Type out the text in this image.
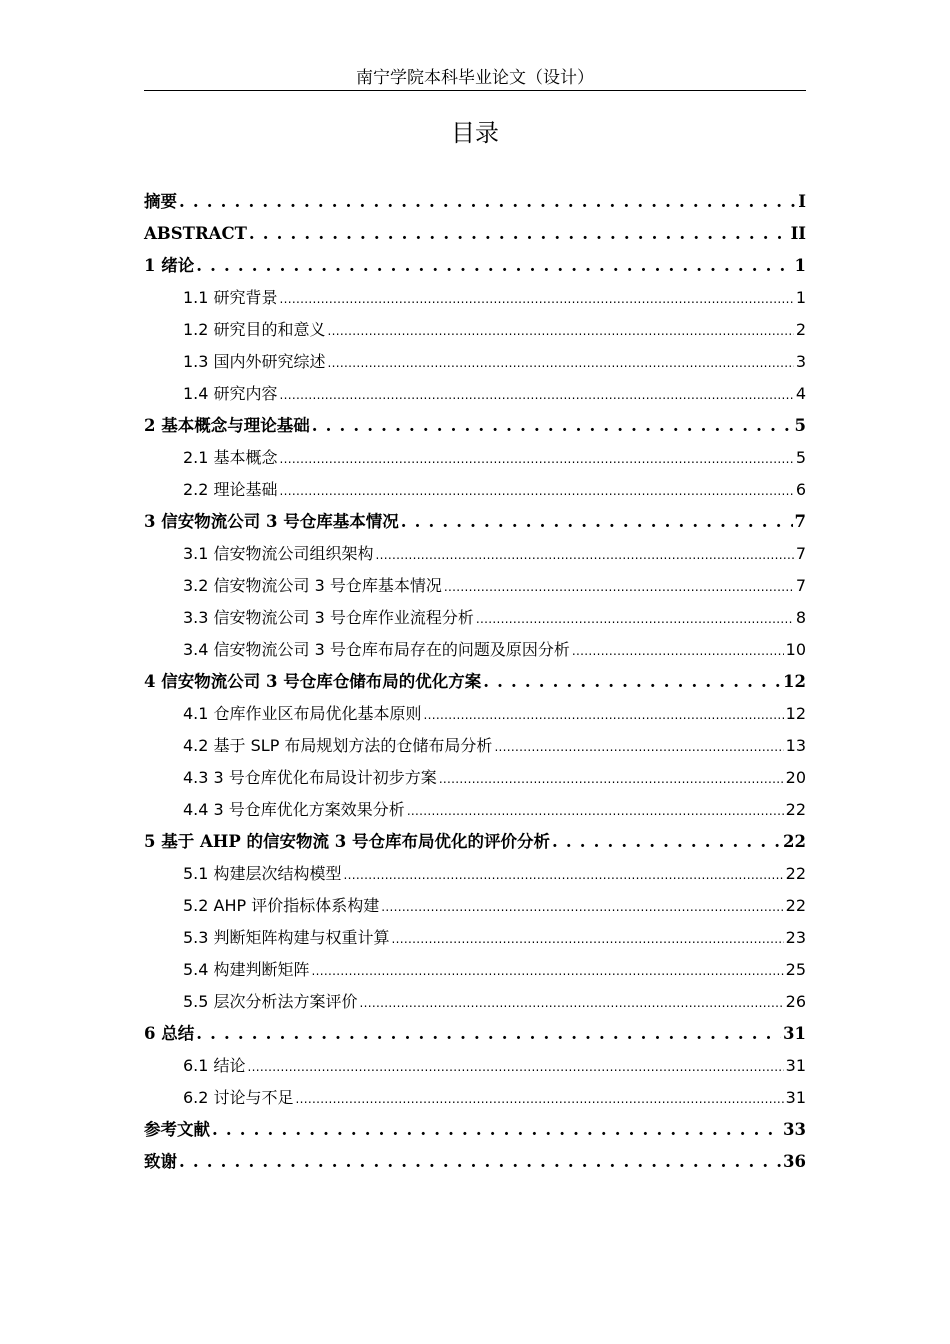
南宁学院本科毕业论文（设计）
目录
摘要 . . .	I
ABSTRACT . . .	II
1 绪论 . . .	1
1.1 研究背景 .....	1
1.2 研究目的和意义 .....	2
1.3 国内外研究综述 .....	3
1.4 研究内容 .....	4
2 基本概念与理论基础 . . .	5
2.1 基本概念 .....	5
2.2 理论基础 .....	6
3 信安物流公司 3 号仓库基本情况 . . .	7
3.1 信安物流公司组织架构 .....	7
3.2 信安物流公司 3 号仓库基本情况 .....	7
3.3 信安物流公司 3 号仓库作业流程分析 .....	8
3.4 信安物流公司 3 号仓库布局存在的问题及原因分析 .....	10
4 信安物流公司 3 号仓库仓储布局的优化方案 . . .	12
4.1 仓库作业区布局优化基本原则 .....	12
4.2 基于 SLP 布局规划方法的仓储布局分析 .....	13
4.3 3 号仓库优化布局设计初步方案 .....	20
4.4 3 号仓库优化方案效果分析 .....	22
5 基于 AHP 的信安物流 3 号仓库布局优化的评价分析 . . .	22
5.1 构建层次结构模型 .....	22
5.2 AHP 评价指标体系构建 .....	22
5.3 判断矩阵构建与权重计算 .....	23
5.4 构建判断矩阵 .....	25
5.5 层次分析法方案评价 .....	26
6 总结 . . .	31
6.1 结论 .....	31
6.2 讨论与不足 .....	31
参考文献 . . .	33
致谢 . . .	36
